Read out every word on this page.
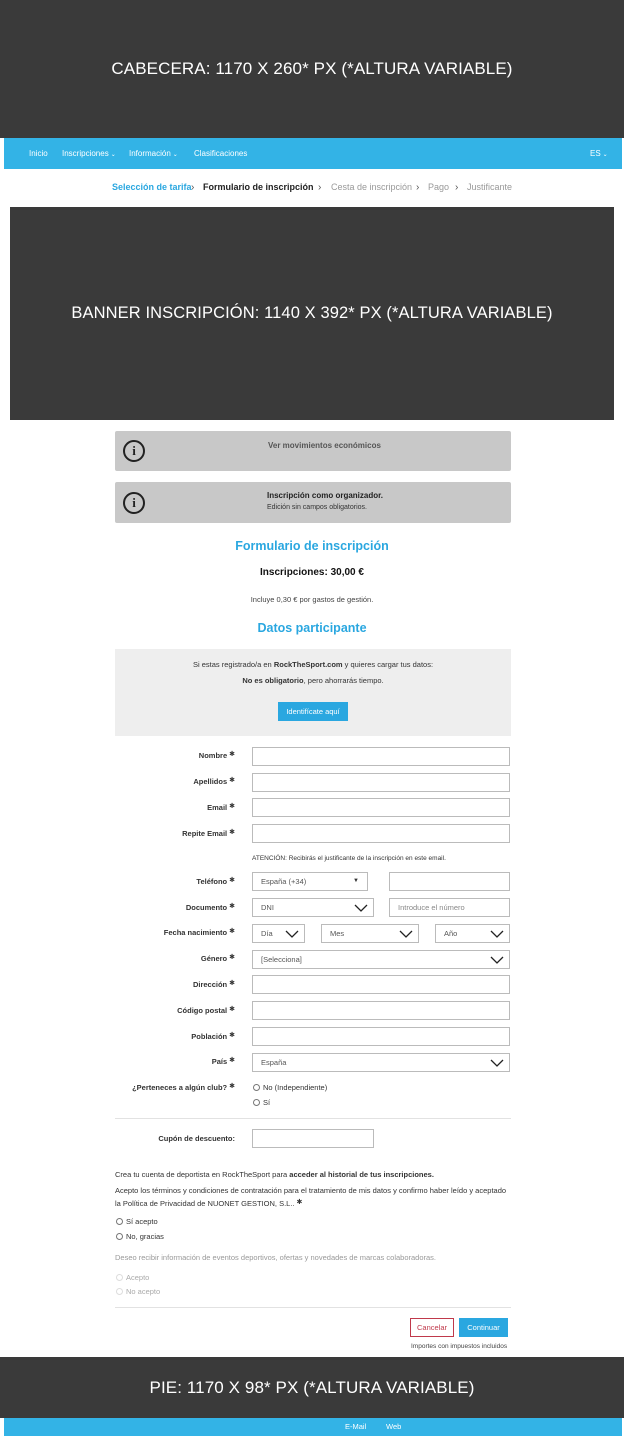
CABECERA: 1170 X 260* PX (*ALTURA VARIABLE)
Inicio Inscripciones ⌄ Información ⌄ Clasificaciones	ES ⌄
Selección de tarifa › Formulario de inscripción › Cesta de inscripción › Pago › Justificante
BANNER INSCRIPCIÓN: 1140 X 392* PX (*ALTURA VARIABLE)
i	Ver movimientos económicos
i	Inscripción como organizador.
Edición sin campos obligatorios.
Formulario de inscripción
Inscripciones: 30,00 €
Incluye 0,30 € por gastos de gestión.
Datos participante
Si estas registrado/a en RockTheSport.com y quieres cargar tus datos:
No es obligatorio, pero ahorrarás tiempo.
Identifícate aquí
Nombre ✱
Apellidos ✱
Email ✱
Repite Email ✱
ATENCIÓN: Recibirás el justificante de la inscripción en este email.
Teléfono ✱	España (+34)	▼
Documento ✱	DNI	Introduce el número
Fecha nacimiento ✱	Día	Mes	Año
Género ✱	[Selecciona]
Dirección ✱
Código postal ✱
Población ✱
País ✱	España
¿Perteneces a algún club? ✱	No (Independiente)
Sí
Cupón de descuento:
Crea tu cuenta de deportista en RockTheSport para acceder al historial de tus inscripciones.
Acepto los términos y condiciones de contratación para el tratamiento de mis datos y confirmo haber leído y aceptado la Política de Privacidad de NUONET GESTION, S.L.. ✱
Sí acepto
No, gracias
Deseo recibir información de eventos deportivos, ofertas y novedades de marcas colaboradoras.
Acepto
No acepto
Cancelar	Continuar
Importes con impuestos incluidos
PIE: 1170 X 98* PX (*ALTURA VARIABLE)
E-Mail	Web
